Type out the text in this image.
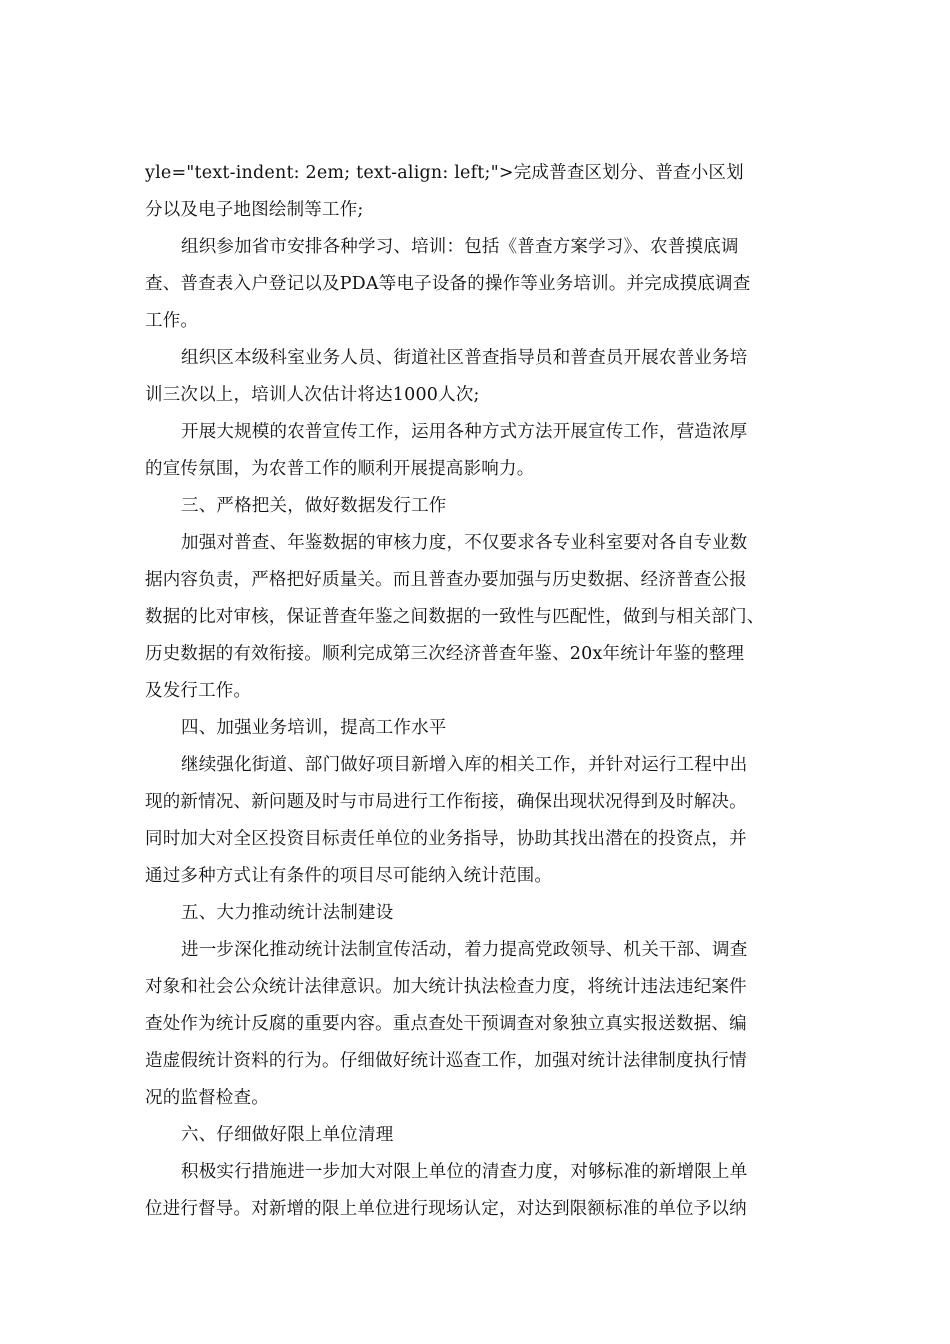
yle="text-indent: 2em; text-align: left;">完成普查区划分、普查小区划
分以及电子地图绘制等工作;
组织参加省市安排各种学习、培训：包括《普查方案学习》、农普摸底调
查、普查表入户登记以及PDA等电子设备的操作等业务培训。并完成摸底调查
工作。
组织区本级科室业务人员、街道社区普查指导员和普查员开展农普业务培
训三次以上，培训人次估计将达1000人次;
开展大规模的农普宣传工作，运用各种方式方法开展宣传工作，营造浓厚
的宣传氛围，为农普工作的顺利开展提高影响力。
三、严格把关，做好数据发行工作
加强对普查、年鉴数据的审核力度，不仅要求各专业科室要对各自专业数
据内容负责，严格把好质量关。而且普查办要加强与历史数据、经济普查公报
数据的比对审核，保证普查年鉴之间数据的一致性与匹配性，做到与相关部门、
历史数据的有效衔接。顺利完成第三次经济普查年鉴、20x年统计年鉴的整理
及发行工作。
四、加强业务培训，提高工作水平
继续强化街道、部门做好项目新增入库的相关工作，并针对运行工程中出
现的新情况、新问题及时与市局进行工作衔接，确保出现状况得到及时解决。
同时加大对全区投资目标责任单位的业务指导，协助其找出潜在的投资点，并
通过多种方式让有条件的项目尽可能纳入统计范围。
五、大力推动统计法制建设
进一步深化推动统计法制宣传活动，着力提高党政领导、机关干部、调查
对象和社会公众统计法律意识。加大统计执法检查力度，将统计违法违纪案件
查处作为统计反腐的重要内容。重点查处干预调查对象独立真实报送数据、编
造虚假统计资料的行为。仔细做好统计巡查工作，加强对统计法律制度执行情
况的监督检查。
六、仔细做好限上单位清理
积极实行措施进一步加大对限上单位的清查力度，对够标准的新增限上单
位进行督导。对新增的限上单位进行现场认定，对达到限额标准的单位予以纳
